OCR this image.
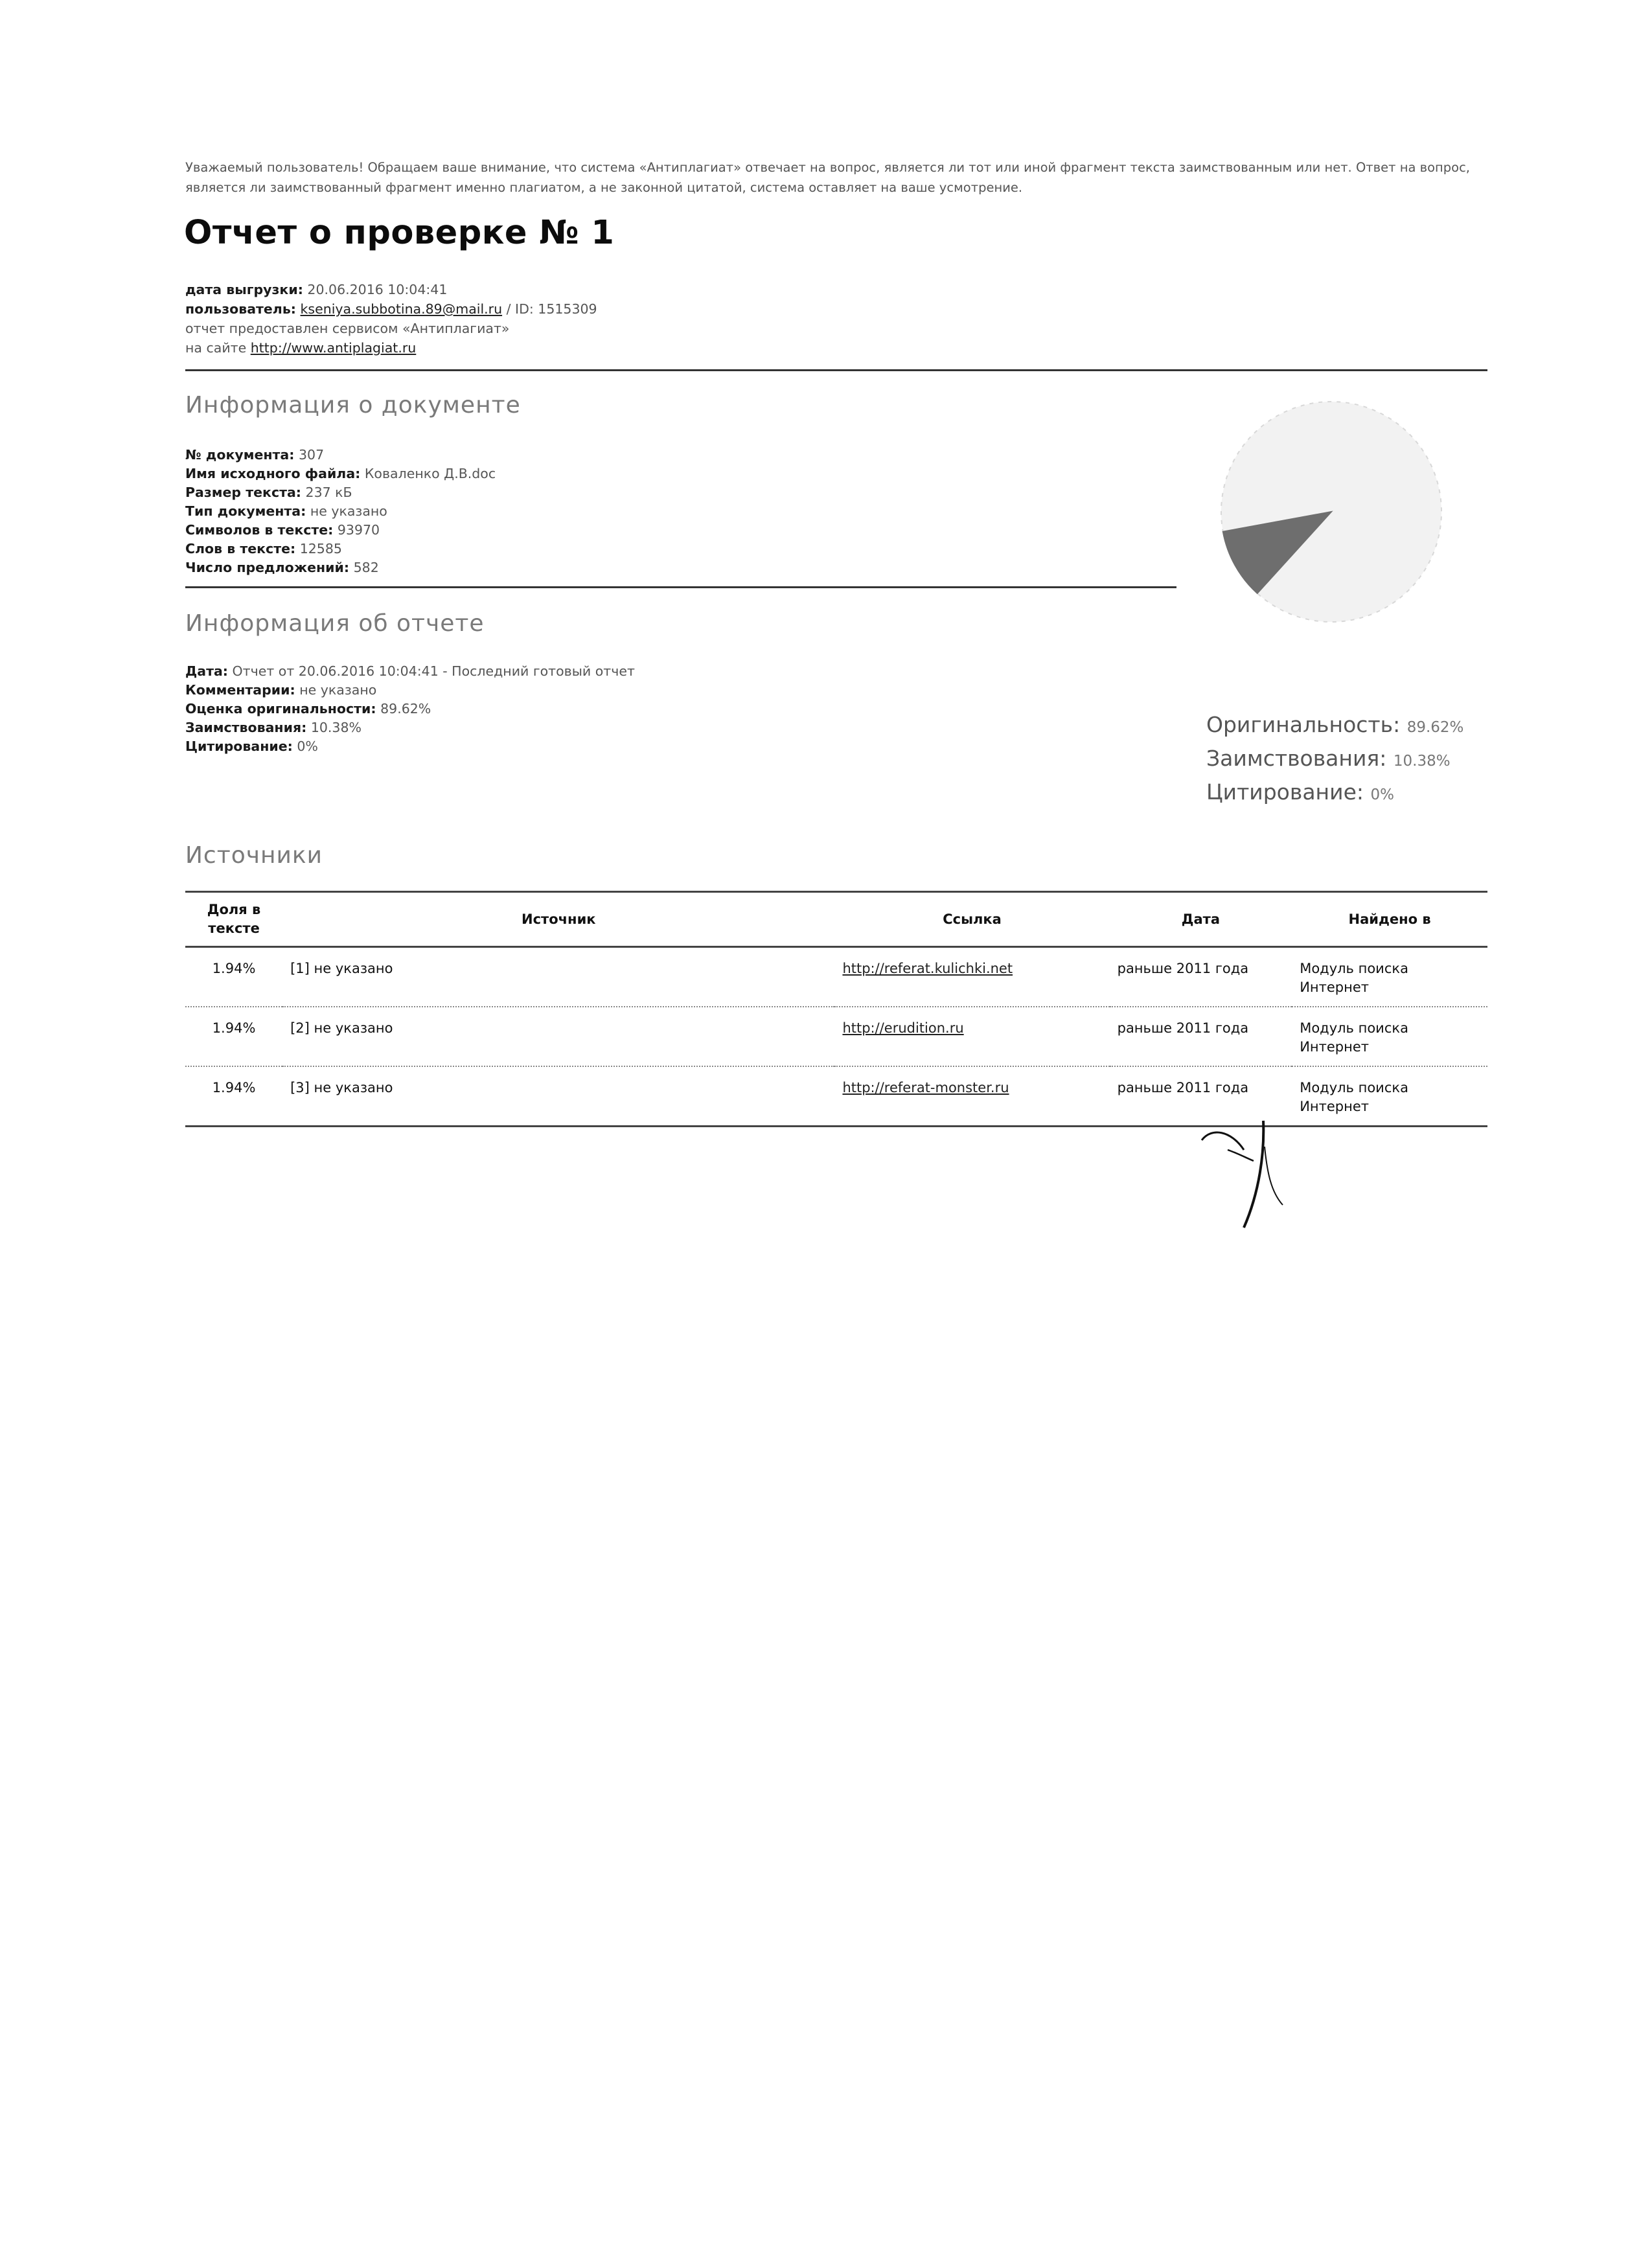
Уважаемый пользователь! Обращаем ваше внимание, что система «Антиплагиат» отвечает на вопрос, является ли тот или иной фрагмент текста заимствованным или нет. Ответ на вопрос, является ли заимствованный фрагмент именно плагиатом, а не законной цитатой, система оставляет на ваше усмотрение.

Отчет о проверке № 1
дата выгрузки: 20.06.2016 10:04:41
пользователь: kseniya.subbotina.89@mail.ru / ID: 1515309
отчет предоставлен сервисом «Антиплагиат»
на сайте http://www.antiplagiat.ru
Информация о документе
№ документа: 307
Имя исходного файла: Коваленко Д.В.doc
Размер текста: 237 кБ
Тип документа: не указано
Символов в тексте: 93970
Слов в тексте: 12585
Число предложений: 582
Информация об отчете
Дата: Отчет от 20.06.2016 10:04:41 - Последний готовый отчет
Комментарии: не указано
Оценка оригинальности: 89.62%
Заимствования: 10.38%
Цитирование: 0%
Оригинальность: 89.62%
Заимствования: 10.38%
Цитирование: 0%
Источники
Доля в тексте	Источник	Ссылка	Дата	Найдено в
1.94%	[1] не указано	http://referat.kulichki.net	раньше 2011 года	Модуль поиска Интернет
1.94%	[2] не указано	http://erudition.ru	раньше 2011 года	Модуль поиска Интернет
1.94%	[3] не указано	http://referat-monster.ru	раньше 2011 года	Модуль поиска Интернет
